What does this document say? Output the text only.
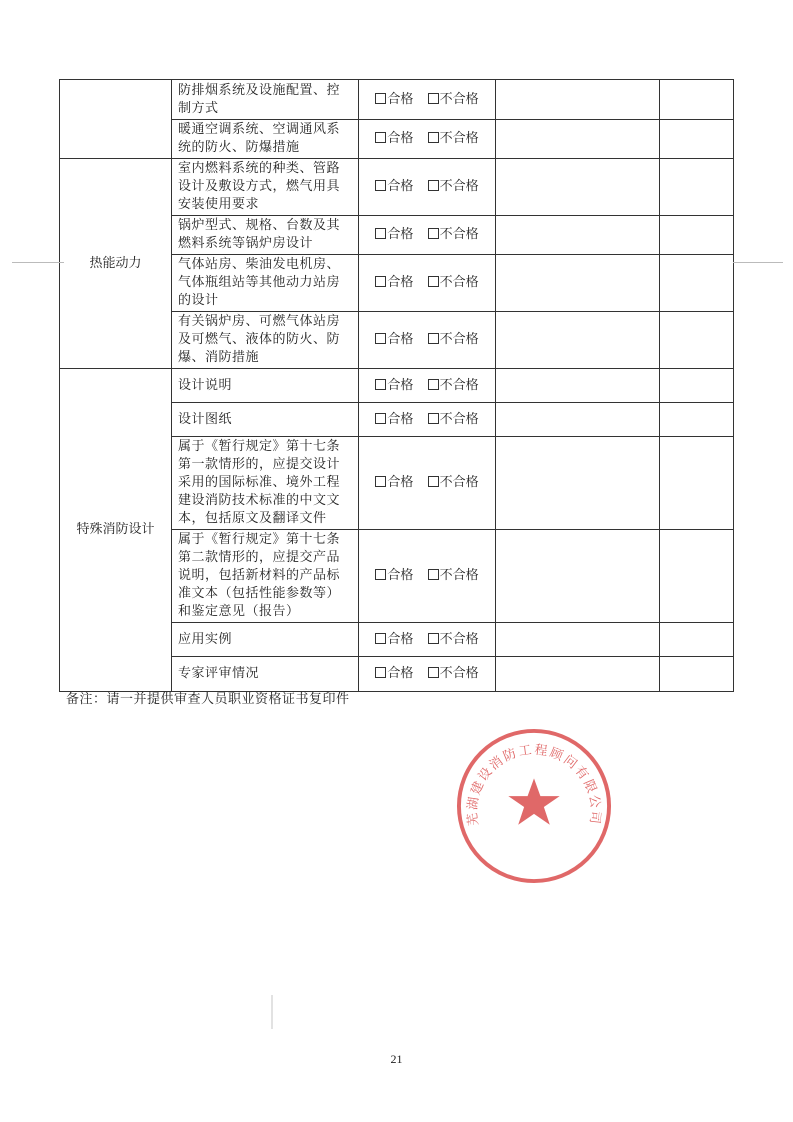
	防排烟系统及设施配置、控制方式	合格 不合格		
	暖通空调系统、空调通风系统的防火、防爆措施	合格 不合格		
热能动力	室内燃料系统的种类、管路设计及敷设方式，燃气用具安装使用要求	合格 不合格		
	锅炉型式、规格、台数及其燃料系统等锅炉房设计	合格 不合格		
	气体站房、柴油发电机房、气体瓶组站等其他动力站房的设计	合格 不合格		
	有关锅炉房、可燃气体站房及可燃气、液体的防火、防爆、消防措施	合格 不合格		
特殊消防设计	设计说明	合格 不合格		
	设计图纸	合格 不合格		
	属于《暂行规定》第十七条第一款情形的，应提交设计采用的国际标准、境外工程建设消防技术标准的中文文本，包括原文及翻译文件	合格 不合格		
	属于《暂行规定》第十七条第二款情形的，应提交产品说明，包括新材料的产品标准文本（包括性能参数等）和鉴定意见（报告）	合格 不合格		
	应用实例	合格 不合格		
	专家评审情况	合格 不合格		
备注：请一并提供审查人员职业资格证书复印件
芜湖建设消防工程顾问有限公司
21
